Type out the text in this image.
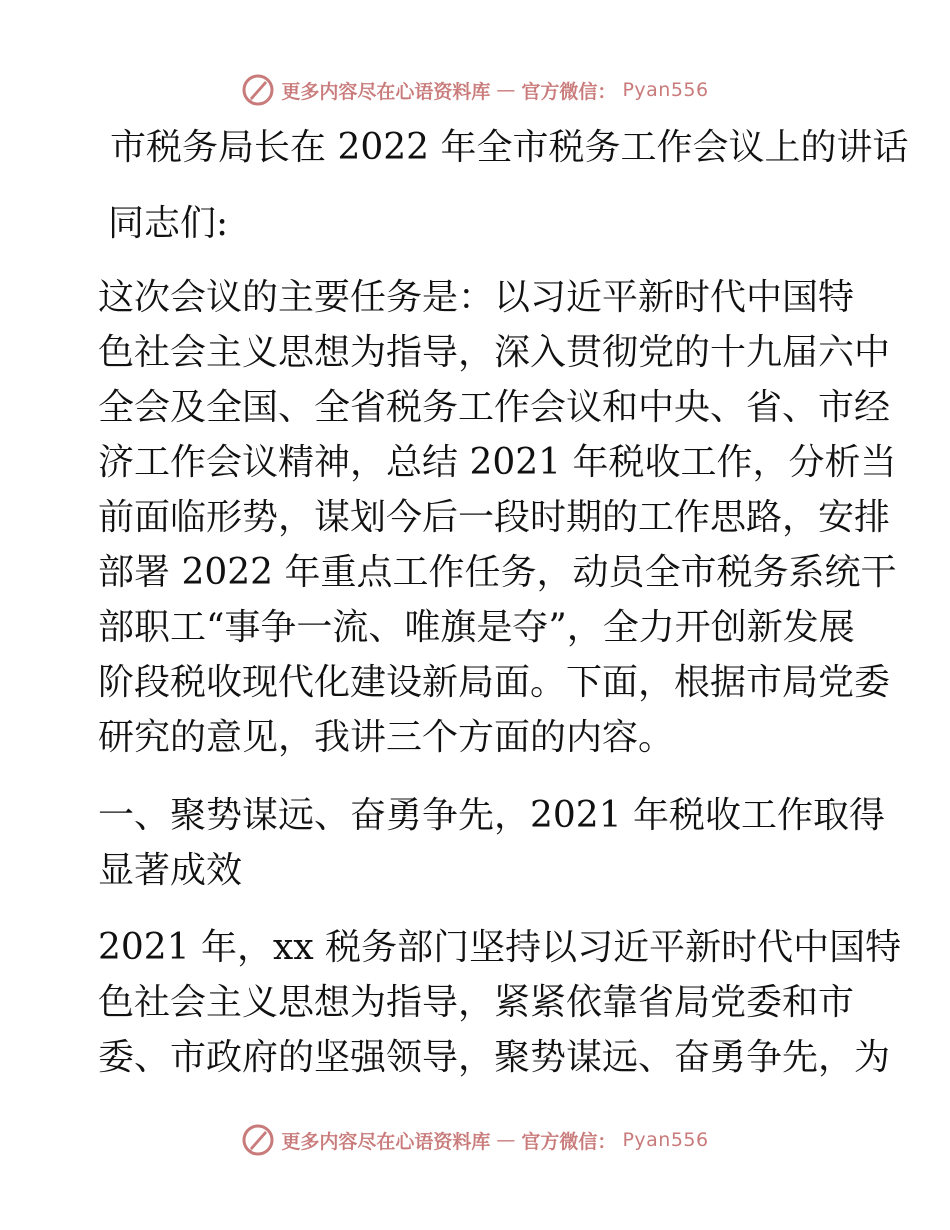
更多内容尽在心语资料库 — 官方微信： Pyan556
市税务局长在 2022 年全市税务工作会议上的讲话
同志们:
这次会议的主要任务是：以习近平新时代中国特
色社会主义思想为指导，深入贯彻党的十九届六中
全会及全国、全省税务工作会议和中央、省、市经
济工作会议精神，总结 2021 年税收工作，分析当
前面临形势，谋划今后一段时期的工作思路，安排
部署 2022 年重点工作任务，动员全市税务系统干
部职工“事争一流、唯旗是夺”，全力开创新发展
阶段税收现代化建设新局面。下面，根据市局党委
研究的意见，我讲三个方面的内容。
一、聚势谋远、奋勇争先，2021 年税收工作取得
显著成效
2021 年，xx 税务部门坚持以习近平新时代中国特
色社会主义思想为指导，紧紧依靠省局党委和市
委、市政府的坚强领导，聚势谋远、奋勇争先，为
更多内容尽在心语资料库 — 官方微信： Pyan556
